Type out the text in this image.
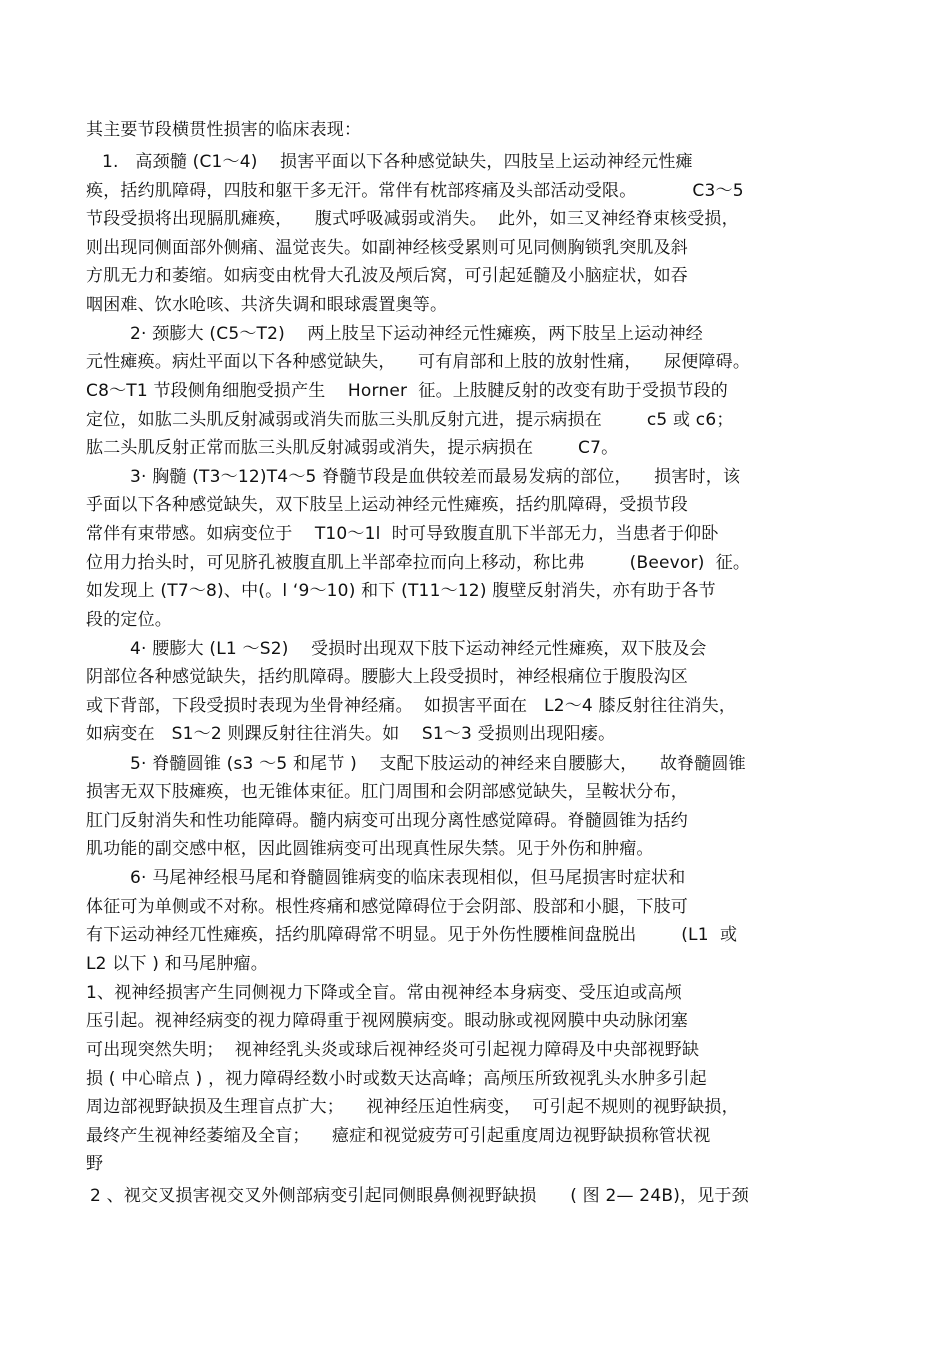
其主要节段横贯性损害的临床表现：
1.   高颈髓 (C1～4)    损害平面以下各种感觉缺失，四肢呈上运动神经元性瘫
痪，括约肌障碍，四肢和躯干多无汗。常伴有枕部疼痛及头部活动受限。          C3～5
节段受损将出现膈肌瘫痪，    腹式呼吸减弱或消失。  此外，如三叉神经脊束核受损，
则出现同侧面部外侧痛、温觉丧失。如副神经核受累则可见同侧胸锁乳突肌及斜
方肌无力和萎缩。如病变由枕骨大孔波及颅后窝，可引起延髓及小脑症状，如吞
咽困难、饮水呛咳、共济失调和眼球震置奥等。
2· 颈膨大 (C5～T2)    两上肢呈下运动神经元性瘫痪，两下肢呈上运动神经
元性瘫痪。病灶平面以下各种感觉缺失，    可有肩部和上肢的放射性痛，    尿便障碍。
C8～T1 节段侧角细胞受损产生    Horner  征。上肢腱反射的改变有助于受损节段的
定位，如肱二头肌反射减弱或消失而肱三头肌反射亢进，提示病损在        c5 或 c6；
肱二头肌反射正常而肱三头肌反射减弱或消失，提示病损在        C7。
3· 胸髓 (T3～12)T4～5 脊髓节段是血供较差而最易发病的部位，    损害时，该
乎面以下各种感觉缺失，双下肢呈上运动神经元性瘫痪，括约肌障碍，受损节段
常伴有束带感。如病变位于    T10～1l  时可导致腹直肌下半部无力，当患者于仰卧
位用力抬头时，可见脐孔被腹直肌上半部牵拉而向上移动，称比弗        (Beevor)  征。
如发现上 (T7～8)、中(。l ‘9～10) 和下 (T11～12) 腹壁反射消失，亦有助于各节
段的定位。
4· 腰膨大 (L1 ～S2)    受损时出现双下肢下运动神经元性瘫痪，双下肢及会
阴部位各种感觉缺失，括约肌障碍。腰膨大上段受损时，神经根痛位于腹股沟区
或下背部，下段受损时表现为坐骨神经痛。  如损害平面在   L2～4 膝反射往往消失，
如病变在   S1～2 则踝反射往往消失。如    S1～3 受损则出现阳痿。
5· 脊髓圆锥 (s3 ～5 和尾节 )    支配下肢运动的神经来自腰膨大，    故脊髓圆锥
损害无双下肢瘫痪，也无锥体束征。肛门周围和会阴部感觉缺失，呈鞍状分布，
肛门反射消失和性功能障碍。髓内病变可出现分离性感觉障碍。脊髓圆锥为括约
肌功能的副交感中枢，因此圆锥病变可出现真性尿失禁。见于外伤和肿瘤。
6· 马尾神经根马尾和脊髓圆锥病变的临床表现相似，但马尾损害时症状和
体征可为单侧或不对称。根性疼痛和感觉障碍位于会阴部、股部和小腿，下肢可
有下运动神经兀性瘫痪，括约肌障碍常不明显。见于外伤性腰椎间盘脱出        (L1  或
L2 以下 ) 和马尾肿瘤。
1、视神经损害产生同侧视力下降或全盲。常由视神经本身病变、受压迫或高颅
压引起。视神经病变的视力障碍重于视网膜病变。眼动脉或视网膜中央动脉闭塞
可出现突然失明；  视神经乳头炎或球后视神经炎可引起视力障碍及中央部视野缺
损 ( 中心暗点 ) ，视力障碍经数小时或数天达高峰；高颅压所致视乳头水肿多引起
周边部视野缺损及生理盲点扩大；    视神经压迫性病变，  可引起不规则的视野缺损，
最终产生视神经萎缩及全盲；    癔症和视觉疲劳可引起重度周边视野缺损称管状视
野
2 、视交叉损害视交叉外侧部病变引起同侧眼鼻侧视野缺损      ( 图 2— 24B)，见于颈
